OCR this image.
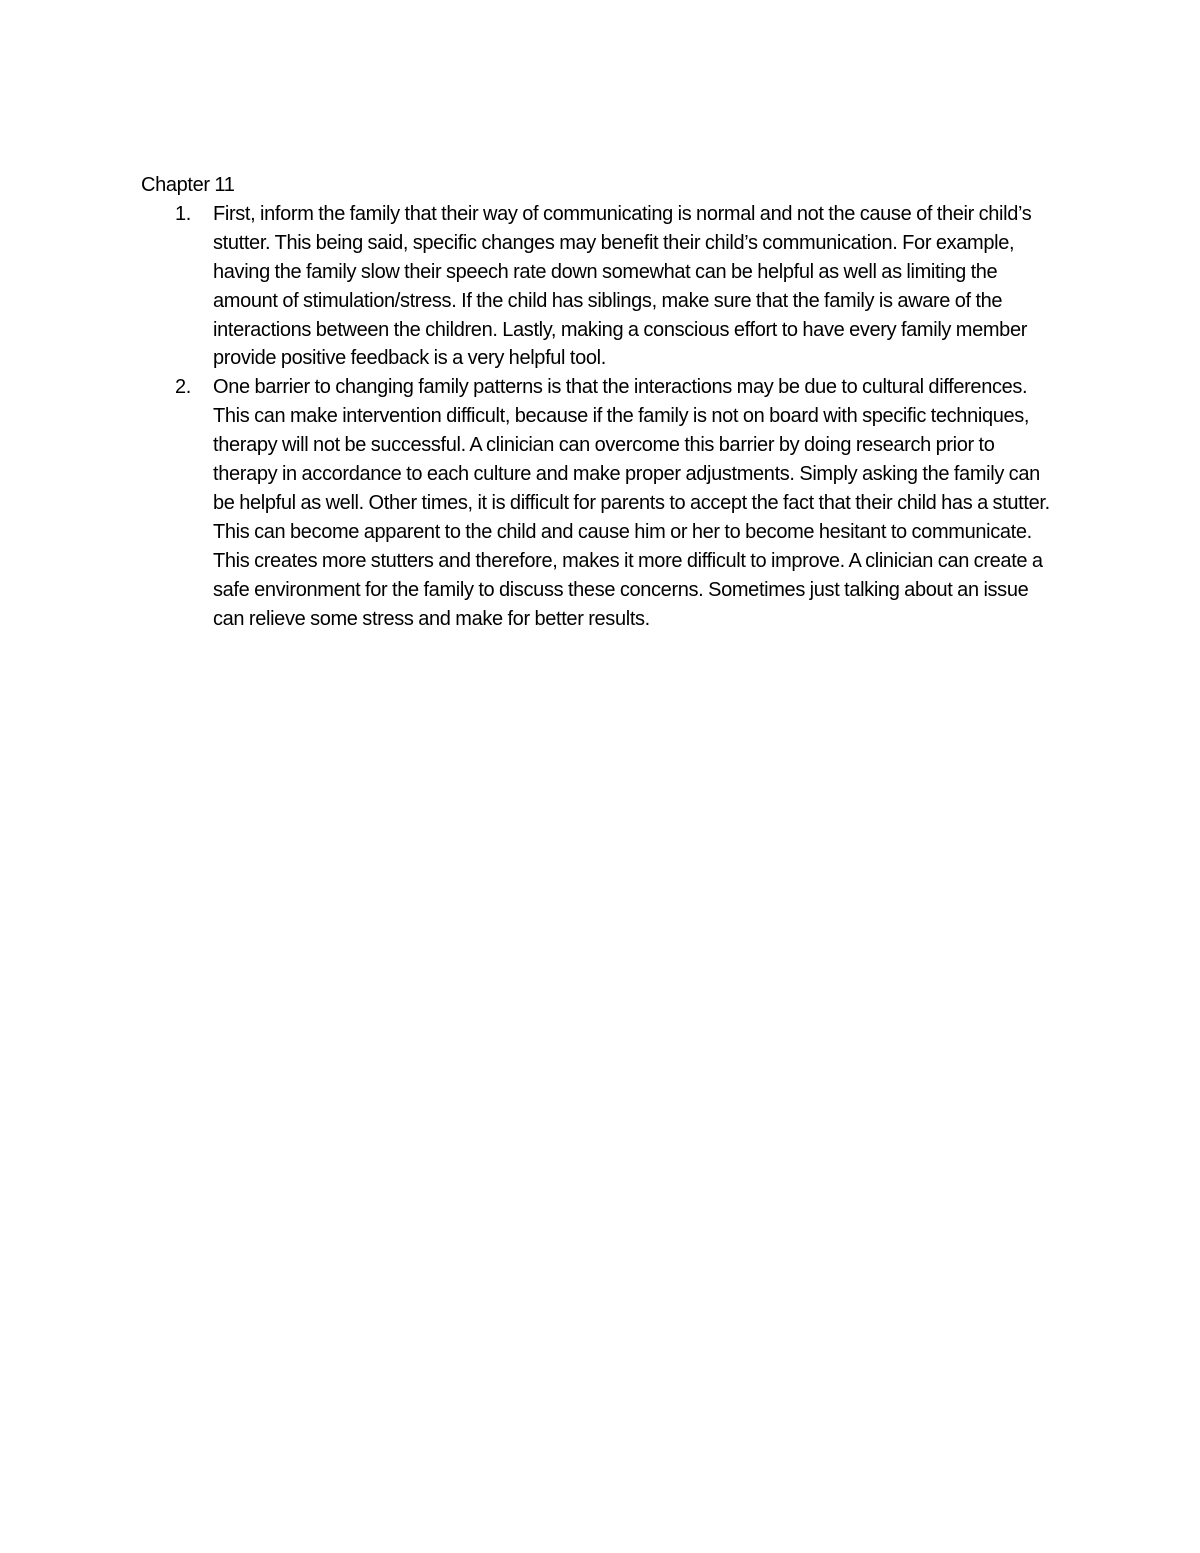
Chapter 11

1. First, inform the family that their way of communicating is normal and not the cause of their child’s stutter. This being said, specific changes may benefit their child’s communication. For example, having the family slow their speech rate down somewhat can be helpful as well as limiting the amount of stimulation/stress. If the child has siblings, make sure that the family is aware of the interactions between the children. Lastly, making a conscious effort to have every family member provide positive feedback is a very helpful tool.
2. One barrier to changing family patterns is that the interactions may be due to cultural differences. This can make intervention difficult, because if the family is not on board with specific techniques, therapy will not be successful. A clinician can overcome this barrier by doing research prior to therapy in accordance to each culture and make proper adjustments. Simply asking the family can be helpful as well. Other times, it is difficult for parents to accept the fact that their child has a stutter. This can become apparent to the child and cause him or her to become hesitant to communicate. This creates more stutters and therefore, makes it more difficult to improve. A clinician can create a safe environment for the family to discuss these concerns. Sometimes just talking about an issue can relieve some stress and make for better results.
